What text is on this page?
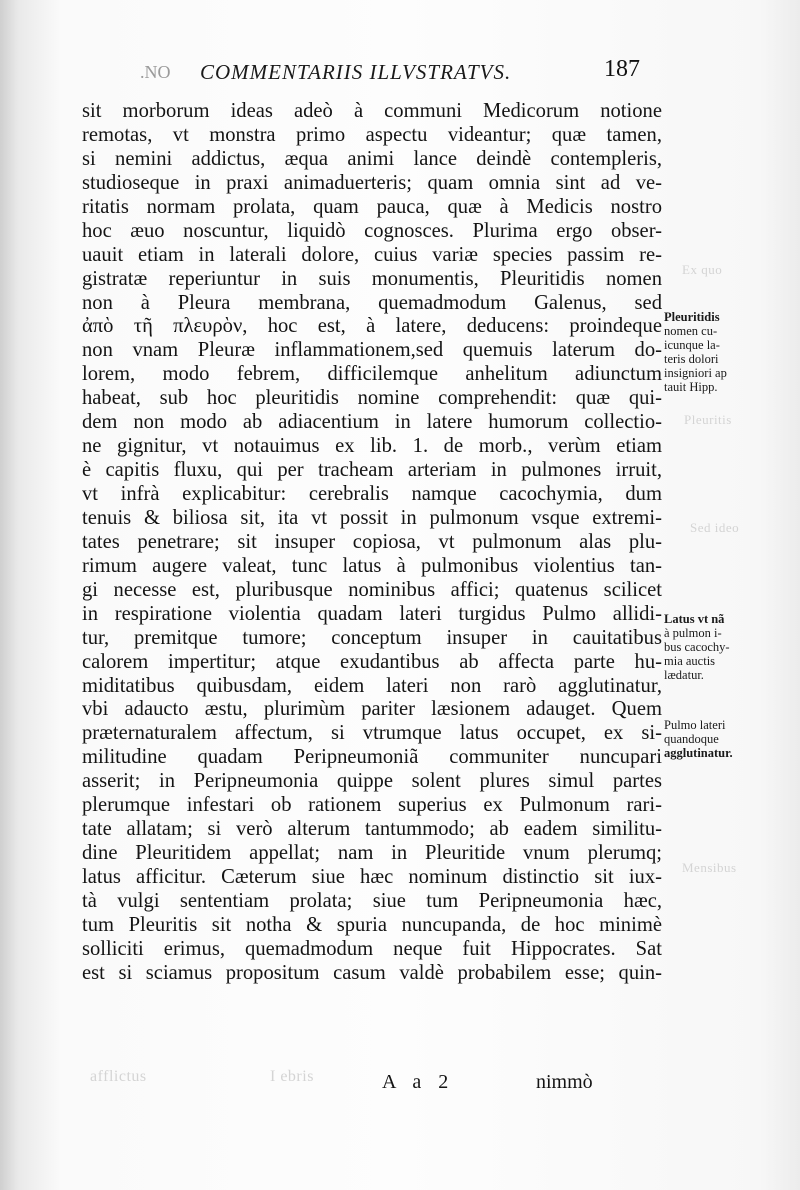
Ex quo
Pleuritis
Sed ideo
Mensibus
afflictus	I ebris
.NO COMMENTARIIS ILLVSTRATVS.	187
sit morborum ideas adeò à communi Medicorum notione
remotas, vt monstra primo aspectu videantur; quæ tamen,
si nemini addictus, æqua animi lance deindè contempleris,
studioseque in praxi animaduerteris; quam omnia sint ad ve-
ritatis normam prolata, quam pauca, quæ à Medicis nostro
hoc æuo noscuntur, liquidò cognosces. Plurima ergo obser-
uauit etiam in laterali dolore, cuius variæ species passim re-
gistratæ reperiuntur in suis monumentis, Pleuritidis nomen
non à Pleura membrana, quemadmodum Galenus, sed
ἀπὸ τῆ πλευρὸν, hoc est, à latere, deducens: proindeque
non vnam Pleuræ inflammationem,sed quemuis laterum do-
lorem, modo febrem, difficilemque anhelitum adiunctum
habeat, sub hoc pleuritidis nomine comprehendit: quæ qui-
dem non modo ab adiacentium in latere humorum collectio-
ne gignitur, vt notauimus ex lib. 1. de morb., verùm etiam
è capitis fluxu, qui per tracheam arteriam in pulmones irruit,
vt infrà explicabitur: cerebralis namque cacochymia, dum
tenuis & biliosa sit, ita vt possit in pulmonum vsque extremi-
tates penetrare; sit insuper copiosa, vt pulmonum alas plu-
rimum augere valeat, tunc latus à pulmonibus violentius tan-
gi necesse est, pluribusque nominibus affici; quatenus scilicet
in respiratione violentia quadam lateri turgidus Pulmo allidi-
tur, premitque tumore; conceptum insuper in cauitatibus
calorem impertitur; atque exudantibus ab affecta parte hu-
miditatibus quibusdam, eidem lateri non rarò agglutinatur,
vbi adaucto æstu, plurimùm pariter læsionem adauget. Quem
præternaturalem affectum, si vtrumque latus occupet, ex si-
militudine quadam Peripneumoniã communiter nuncupari
asserit; in Peripneumonia quippe solent plures simul partes
plerumque infestari ob rationem superius ex Pulmonum rari-
tate allatam; si verò alterum tantummodo; ab eadem similitu-
dine Pleuritidem appellat; nam in Pleuritide vnum plerumq;
latus afficitur. Cæterum siue hæc nominum distinctio sit iux-
tà vulgi sententiam prolata; siue tum Peripneumonia hæc,
tum Pleuritis sit notha & spuria nuncupanda, de hoc minimè
solliciti erimus, quemadmodum neque fuit Hippocrates. Sat
est si sciamus propositum casum valdè probabilem esse; quin-
Pleuritidis
nomen cu-
icunque la-
teris dolori
insigniori ap
tauit Hipp.
Latus vt nã
à pulmon i-
bus cacochy-
mia auctis
lædatur.
Pulmo lateri
quandoque
agglutinatur.
A a 2	nimmò
